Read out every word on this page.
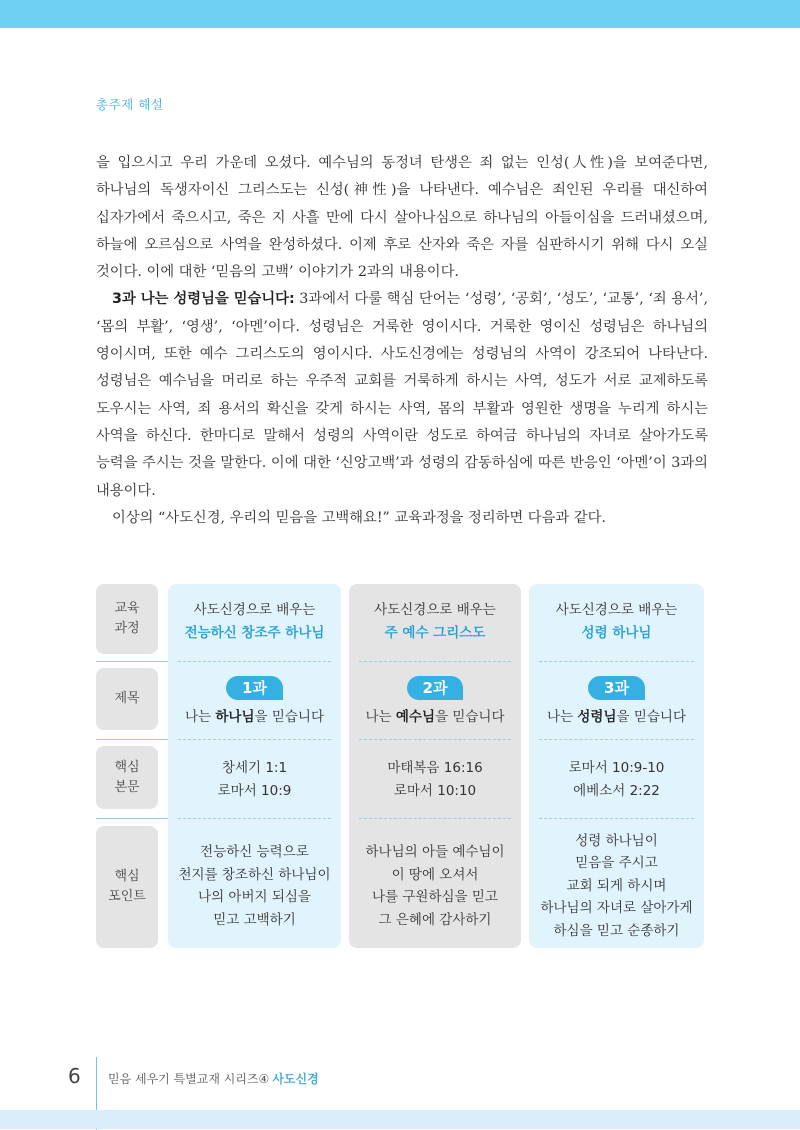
총주제 해설

을 입으시고 우리 가운데 오셨다. 예수님의 동정녀 탄생은 죄 없는 인성(人性)을 보여준다면, 하나님의 독생자이신 그리스도는 신성(神性)을 나타낸다. 예수님은 죄인된 우리를 대신하여 십자가에서 죽으시고, 죽은 지 사흘 만에 다시 살아나심으로 하나님의 아들이심을 드러내셨으며, 하늘에 오르심으로 사역을 완성하셨다. 이제 후로 산자와 죽은 자를 심판하시기 위해 다시 오실 것이다. 이에 대한 ‘믿음의 고백’ 이야기가 2과의 내용이다.

3과 나는 성령님을 믿습니다: 3과에서 다룰 핵심 단어는 ‘성령’, ‘공회’, ‘성도’, ‘교통’, ‘죄 용서’, ‘몸의 부활’, ‘영생’, ‘아멘’이다. 성령님은 거룩한 영이시다. 거룩한 영이신 성령님은 하나님의 영이시며, 또한 예수 그리스도의 영이시다. 사도신경에는 성령님의 사역이 강조되어 나타난다. 성령님은 예수님을 머리로 하는 우주적 교회를 거룩하게 하시는 사역, 성도가 서로 교제하도록 도우시는 사역, 죄 용서의 확신을 갖게 하시는 사역, 몸의 부활과 영원한 생명을 누리게 하시는 사역을 하신다. 한마디로 말해서 성령의 사역이란 성도로 하여금 하나님의 자녀로 살아가도록 능력을 주시는 것을 말한다. 이에 대한 ‘신앙고백’과 성령의 감동하심에 따른 반응인 ‘아멘’이 3과의 내용이다.

이상의 “사도신경, 우리의 믿음을 고백해요!” 교육과정을 정리하면 다음과 같다.

교육
과정
제목
핵심
본문
핵심
포인트
사도신경으로 배우는
전능하신 창조주 하나님
1과
나는 하나님을 믿습니다
창세기 1:1
로마서 10:9
전능하신 능력으로
천지를 창조하신 하나님이
나의 아버지 되심을
믿고 고백하기
사도신경으로 배우는
주 예수 그리스도
2과
나는 예수님을 믿습니다
마태복음 16:16
로마서 10:10
하나님의 아들 예수님이
이 땅에 오셔서
나를 구원하심을 믿고
그 은혜에 감사하기
사도신경으로 배우는
성령 하나님
3과
나는 성령님을 믿습니다
로마서 10:9-10
에베소서 2:22
성령 하나님이
믿음을 주시고
교회 되게 하시며
하나님의 자녀로 살아가게
하심을 믿고 순종하기
6 믿음 세우기 특별교재 시리즈④ 사도신경
